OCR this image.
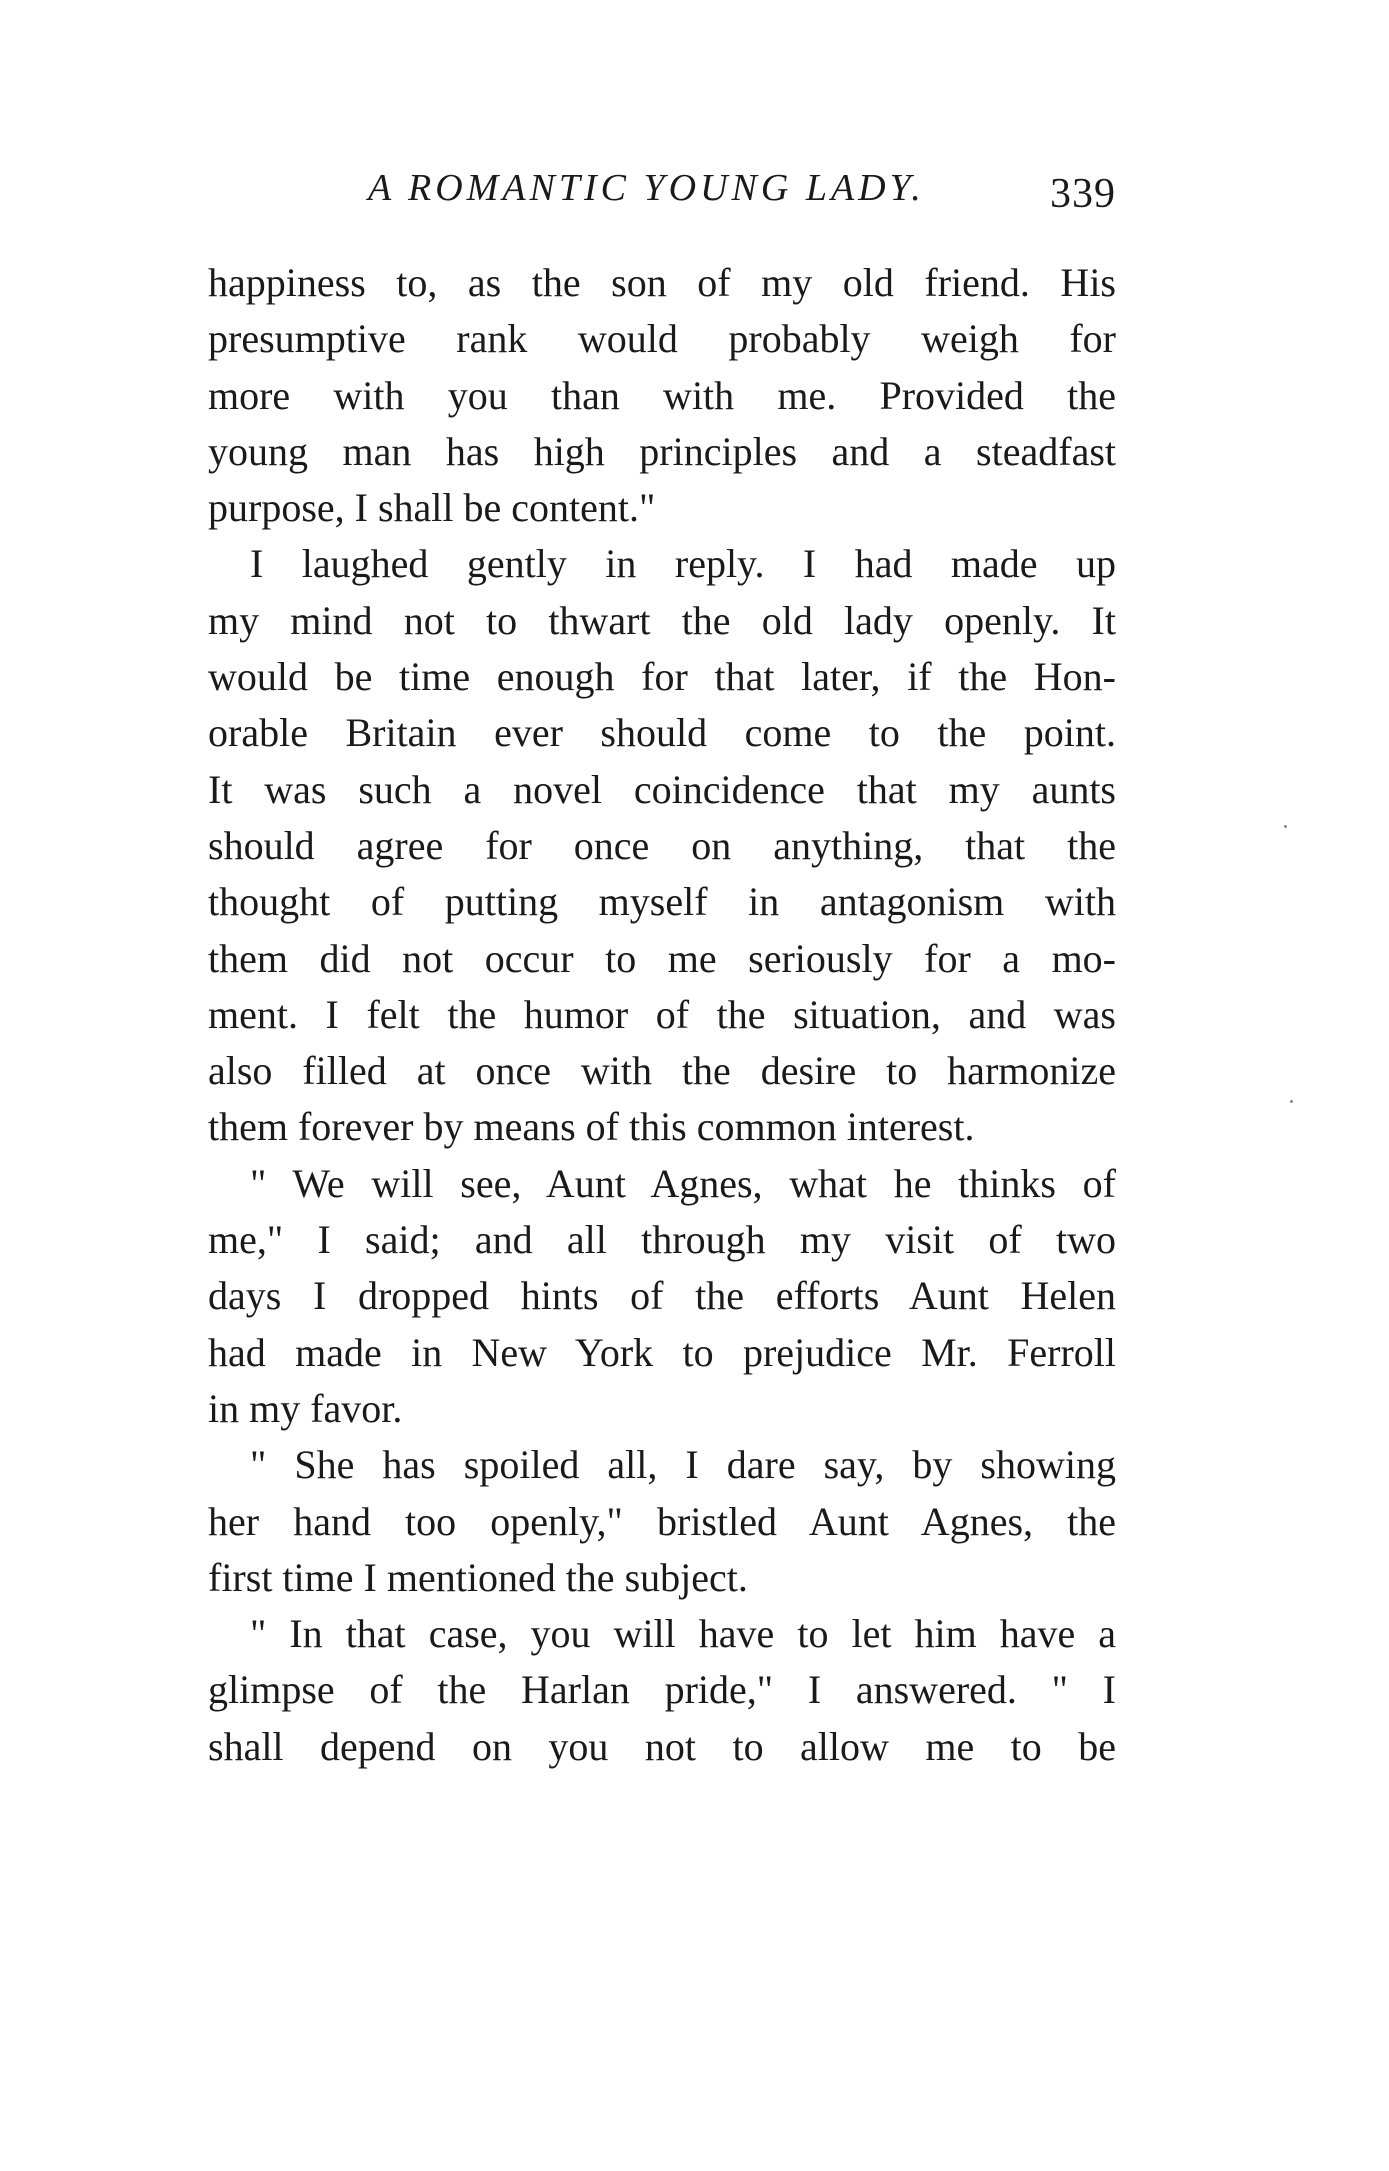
A ROMANTIC YOUNG LADY.	339
happiness to, as the son of my old friend. His
presumptive rank would probably weigh for
more with you than with me. Provided the
young man has high principles and a steadfast
purpose, I shall be content."
I laughed gently in reply. I had made up
my mind not to thwart the old lady openly. It
would be time enough for that later, if the Hon-
orable Britain ever should come to the point.
It was such a novel coincidence that my aunts
should agree for once on anything, that the
thought of putting myself in antagonism with
them did not occur to me seriously for a mo-
ment. I felt the humor of the situation, and was
also filled at once with the desire to harmonize
them forever by means of this common interest.
" We will see, Aunt Agnes, what he thinks of
me," I said; and all through my visit of two
days I dropped hints of the efforts Aunt Helen
had made in New York to prejudice Mr. Ferroll
in my favor.
" She has spoiled all, I dare say, by showing
her hand too openly," bristled Aunt Agnes, the
first time I mentioned the subject.
" In that case, you will have to let him have a
glimpse of the Harlan pride," I answered. " I
shall depend on you not to allow me to be
